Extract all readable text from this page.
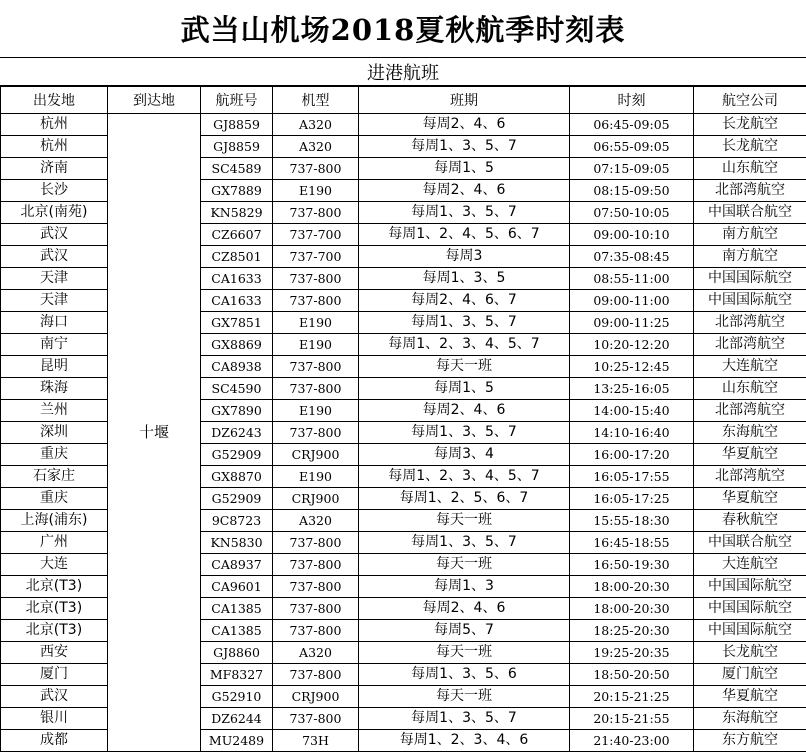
武当山机场2018夏秋航季时刻表
进港航班
出发地	到达地	航班号	机型	班期	时刻	航空公司
杭州	十堰	GJ8859	A320	每周2、4、6	06:45-09:05	长龙航空
杭州		GJ8859	A320	每周1、3、5、7	06:55-09:05	长龙航空
济南		SC4589	737-800	每周1、5	07:15-09:05	山东航空
长沙		GX7889	E190	每周2、4、6	08:15-09:50	北部湾航空
北京(南苑)		KN5829	737-800	每周1、3、5、7	07:50-10:05	中国联合航空
武汉		CZ6607	737-700	每周1、2、4、5、6、7	09:00-10:10	南方航空
武汉		CZ8501	737-700	每周3	07:35-08:45	南方航空
天津		CA1633	737-800	每周1、3、5	08:55-11:00	中国国际航空
天津		CA1633	737-800	每周2、4、6、7	09:00-11:00	中国国际航空
海口		GX7851	E190	每周1、3、5、7	09:00-11:25	北部湾航空
南宁		GX8869	E190	每周1、2、3、4、5、7	10:20-12:20	北部湾航空
昆明		CA8938	737-800	每天一班	10:25-12:45	大连航空
珠海		SC4590	737-800	每周1、5	13:25-16:05	山东航空
兰州		GX7890	E190	每周2、4、6	14:00-15:40	北部湾航空
深圳		DZ6243	737-800	每周1、3、5、7	14:10-16:40	东海航空
重庆		G52909	CRJ900	每周3、4	16:00-17:20	华夏航空
石家庄		GX8870	E190	每周1、2、3、4、5、7	16:05-17:55	北部湾航空
重庆		G52909	CRJ900	每周1、2、5、6、7	16:05-17:25	华夏航空
上海(浦东)		9C8723	A320	每天一班	15:55-18:30	春秋航空
广州		KN5830	737-800	每周1、3、5、7	16:45-18:55	中国联合航空
大连		CA8937	737-800	每天一班	16:50-19:30	大连航空
北京(T3)		CA9601	737-800	每周1、3	18:00-20:30	中国国际航空
北京(T3)		CA1385	737-800	每周2、4、6	18:00-20:30	中国国际航空
北京(T3)		CA1385	737-800	每周5、7	18:25-20:30	中国国际航空
西安		GJ8860	A320	每天一班	19:25-20:35	长龙航空
厦门		MF8327	737-800	每周1、3、5、6	18:50-20:50	厦门航空
武汉		G52910	CRJ900	每天一班	20:15-21:25	华夏航空
银川		DZ6244	737-800	每周1、3、5、7	20:15-21:55	东海航空
成都		MU2489	73H	每周1、2、3、4、6	21:40-23:00	东方航空
